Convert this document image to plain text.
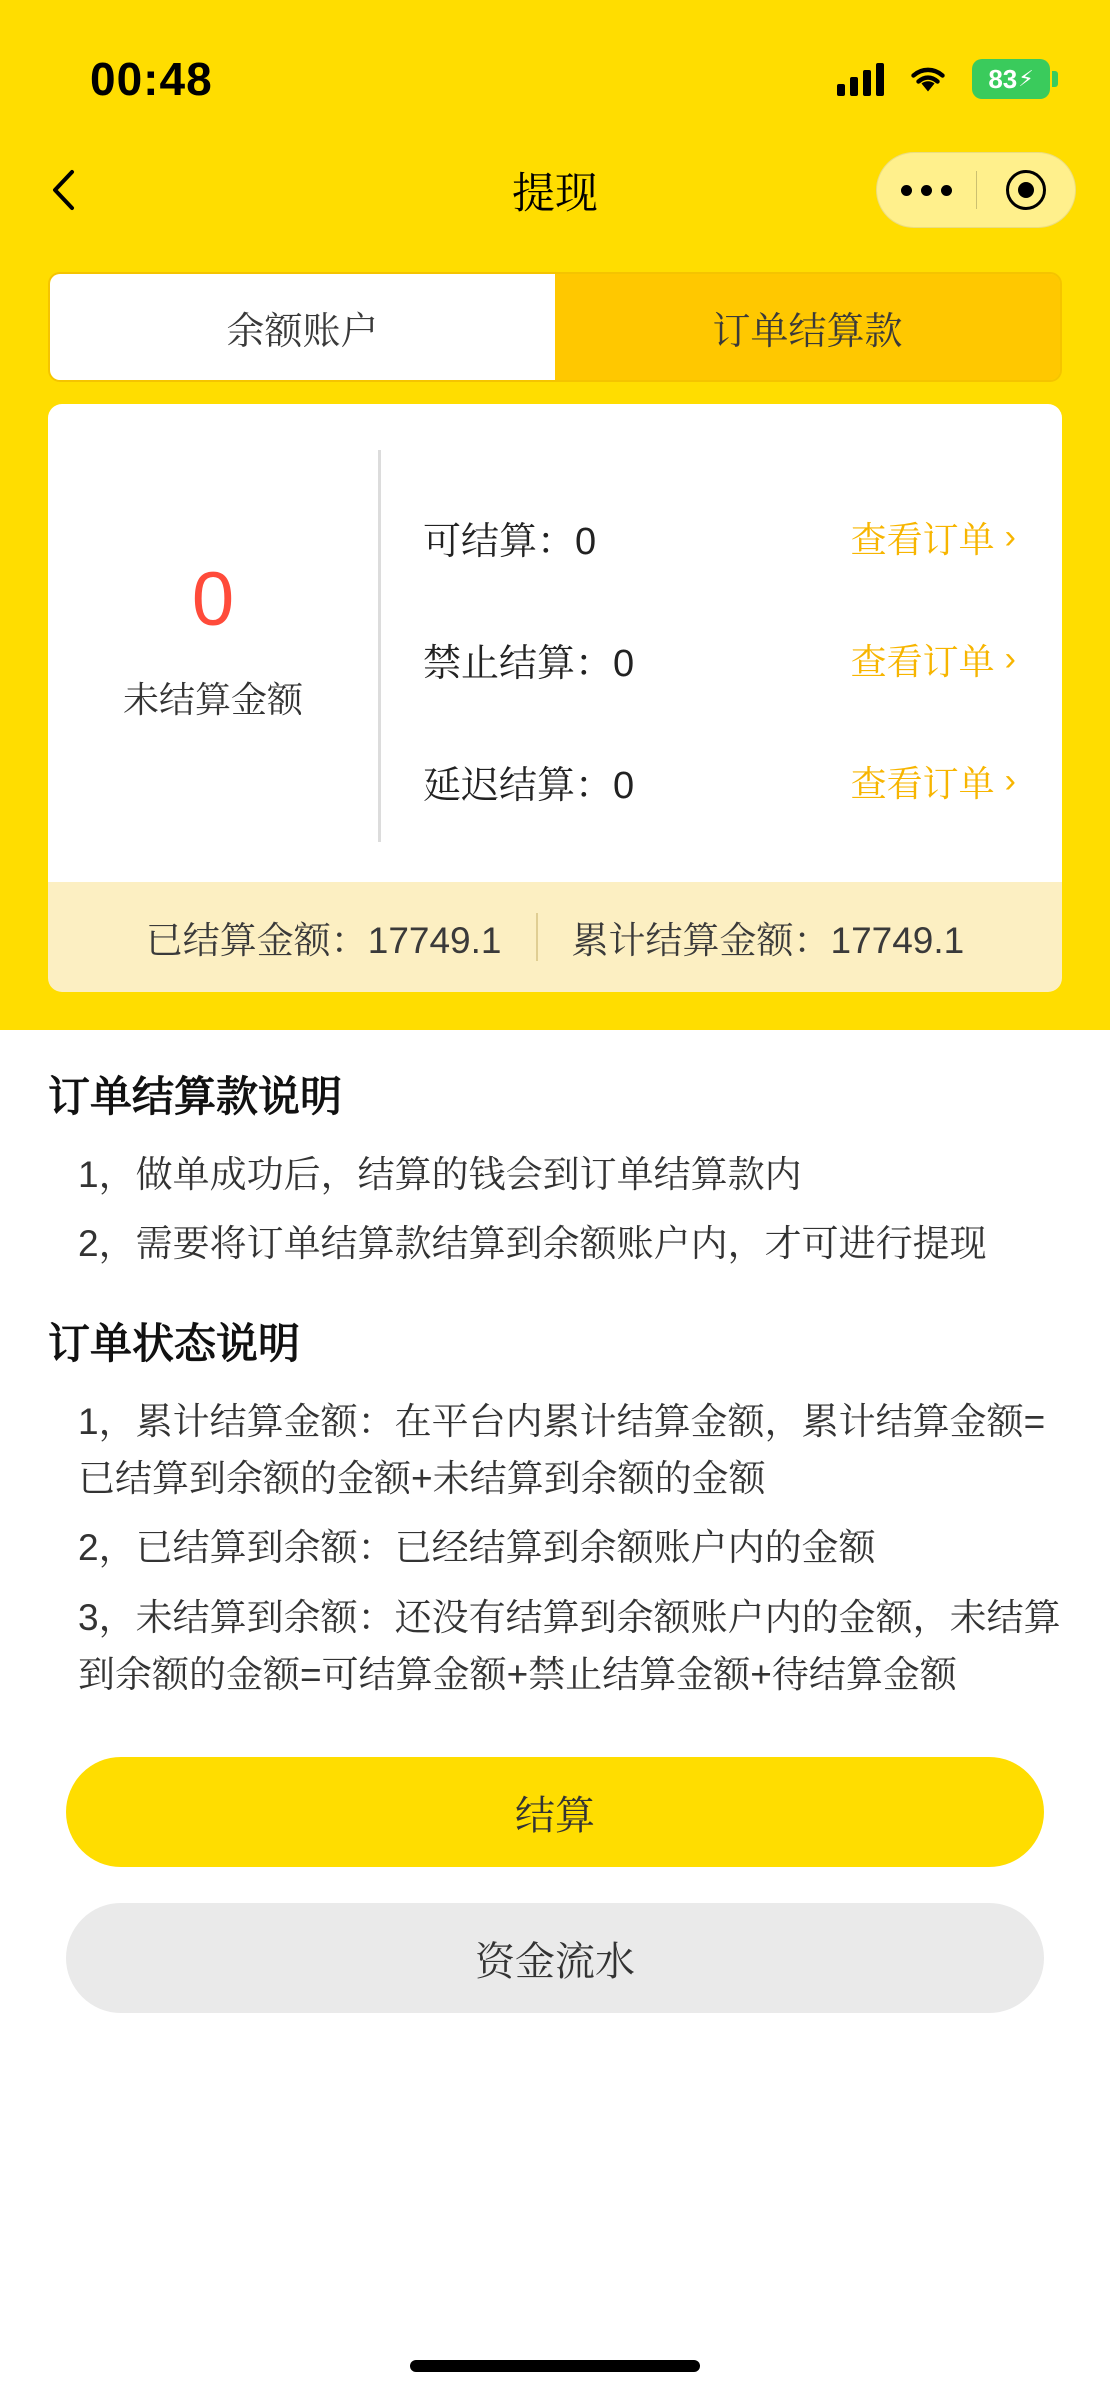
00:48	83 ⚡
提现
余额账户	订单结算款
0
未结算金额
可结算：0	查看订单 ›
禁止结算：0	查看订单 ›
延迟结算：0	查看订单 ›
已结算金额：17749.1	累计结算金额：17749.1
订单结算款说明

1，做单成功后，结算的钱会到订单结算款内

2，需要将订单结算款结算到余额账户内，才可进行提现

订单状态说明

1，累计结算金额：在平台内累计结算金额，累计结算金额=已结算到余额的金额+未结算到余额的金额

2，已结算到余额：已经结算到余额账户内的金额

3，未结算到余额：还没有结算到余额账户内的金额，未结算到余额的金额=可结算金额+禁止结算金额+待结算金额

结算
资金流水
